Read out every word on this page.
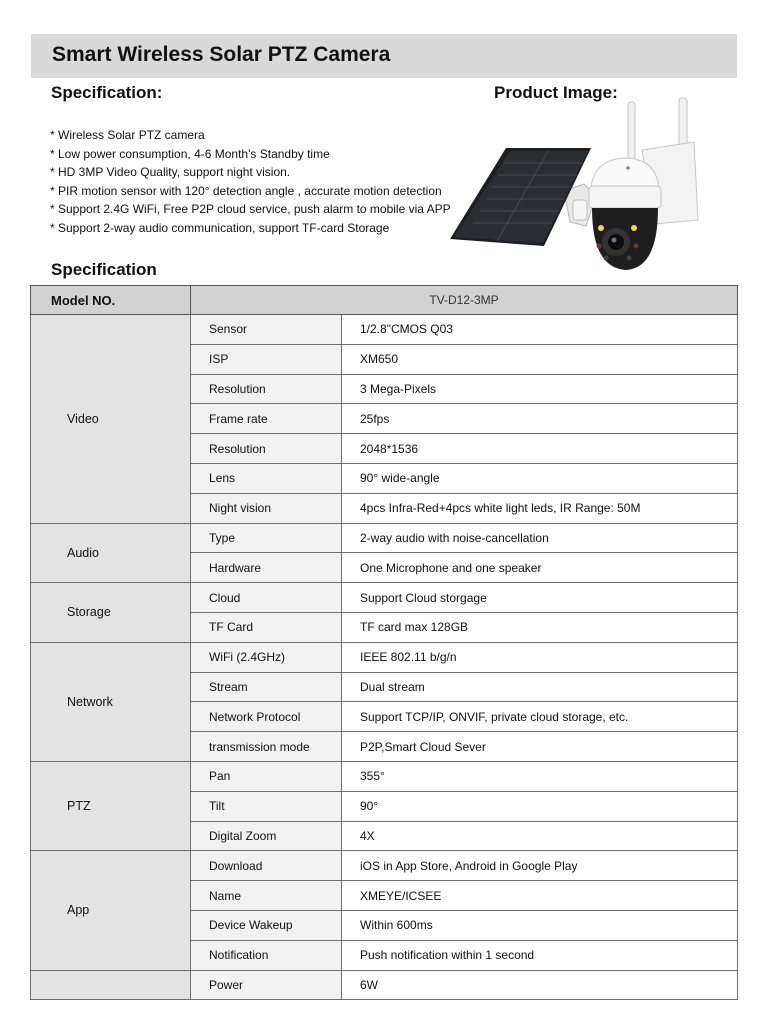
Smart Wireless Solar PTZ Camera
Specification:	Product Image:
* Wireless Solar PTZ camera
* Low power consumption, 4-6 Month's Standby time
* HD 3MP Video Quality, support night vision.
* PIR motion sensor with 120° detection angle , accurate motion detection
* Support 2.4G WiFi, Free P2P cloud service, push alarm to mobile via APP
* Support 2-way audio communication, support TF-card Storage
Specification
Model NO.	TV-D12-3MP	
Video	Sensor	1/2.8"CMOS Q03
	ISP	XM650
	Resolution	3 Mega-Pixels
	Frame rate	25fps
	Resolution	2048*1536
	Lens	90° wide-angle
	Night vision	4pcs Infra-Red+4pcs white light leds, IR Range: 50M
Audio	Type	2-way audio with noise-cancellation
	Hardware	One Microphone and one speaker
Storage	Cloud	Support Cloud storgage
	TF Card	TF card max 128GB
Network	WiFi (2.4GHz)	IEEE 802.11 b/g/n
	Stream	Dual stream
	Network Protocol	Support TCP/IP, ONVIF, private cloud storage, etc.
	transmission mode	P2P,Smart Cloud Sever
PTZ	Pan	355°
	Tilt	90°
	Digital Zoom	4X
App	Download	iOS in App Store, Android in Google Play
	Name	XMEYE/ICSEE
	Device Wakeup	Within 600ms
	Notification	Push notification within 1 second
	Power	6W
